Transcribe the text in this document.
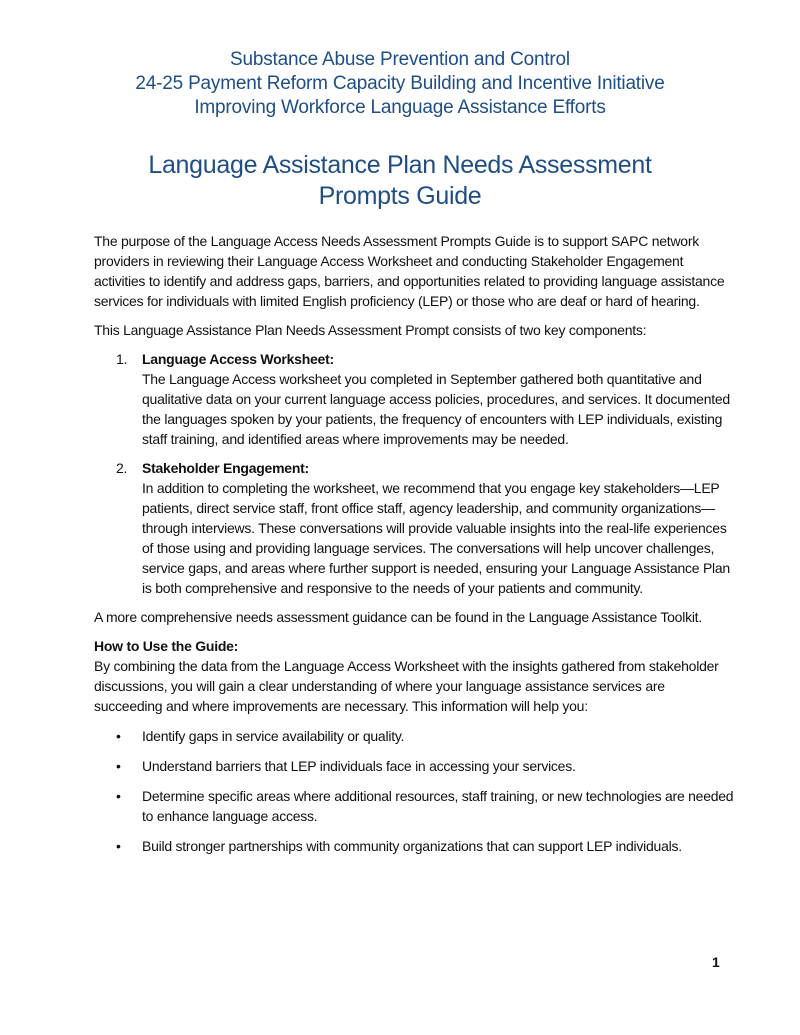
Substance Abuse Prevention and Control
24-25 Payment Reform Capacity Building and Incentive Initiative
Improving Workforce Language Assistance Efforts
Language Assistance Plan Needs Assessment
Prompts Guide

The purpose of the Language Access Needs Assessment Prompts Guide is to support SAPC network providers in reviewing their Language Access Worksheet and conducting Stakeholder Engagement activities to identify and address gaps, barriers, and opportunities related to providing language assistance services for individuals with limited English proficiency (LEP) or those who are deaf or hard of hearing.

This Language Assistance Plan Needs Assessment Prompt consists of two key components:

1. Language Access Worksheet:
The Language Access worksheet you completed in September gathered both quantitative and qualitative data on your current language access policies, procedures, and services. It documented the languages spoken by your patients, the frequency of encounters with LEP individuals, existing staff training, and identified areas where improvements may be needed.
2. Stakeholder Engagement:
In addition to completing the worksheet, we recommend that you engage key stakeholders—LEP patients, direct service staff, front office staff, agency leadership, and community organizations—through interviews. These conversations will provide valuable insights into the real-life experiences of those using and providing language services. The conversations will help uncover challenges, service gaps, and areas where further support is needed, ensuring your Language Assistance Plan is both comprehensive and responsive to the needs of your patients and community.

A more comprehensive needs assessment guidance can be found in the Language Assistance Toolkit.

How to Use the Guide:
By combining the data from the Language Access Worksheet with the insights gathered from stakeholder discussions, you will gain a clear understanding of where your language assistance services are succeeding and where improvements are necessary. This information will help you:
• Identify gaps in service availability or quality.
• Understand barriers that LEP individuals face in accessing your services.
• Determine specific areas where additional resources, staff training, or new technologies are needed to enhance language access.
• Build stronger partnerships with community organizations that can support LEP individuals.
1
